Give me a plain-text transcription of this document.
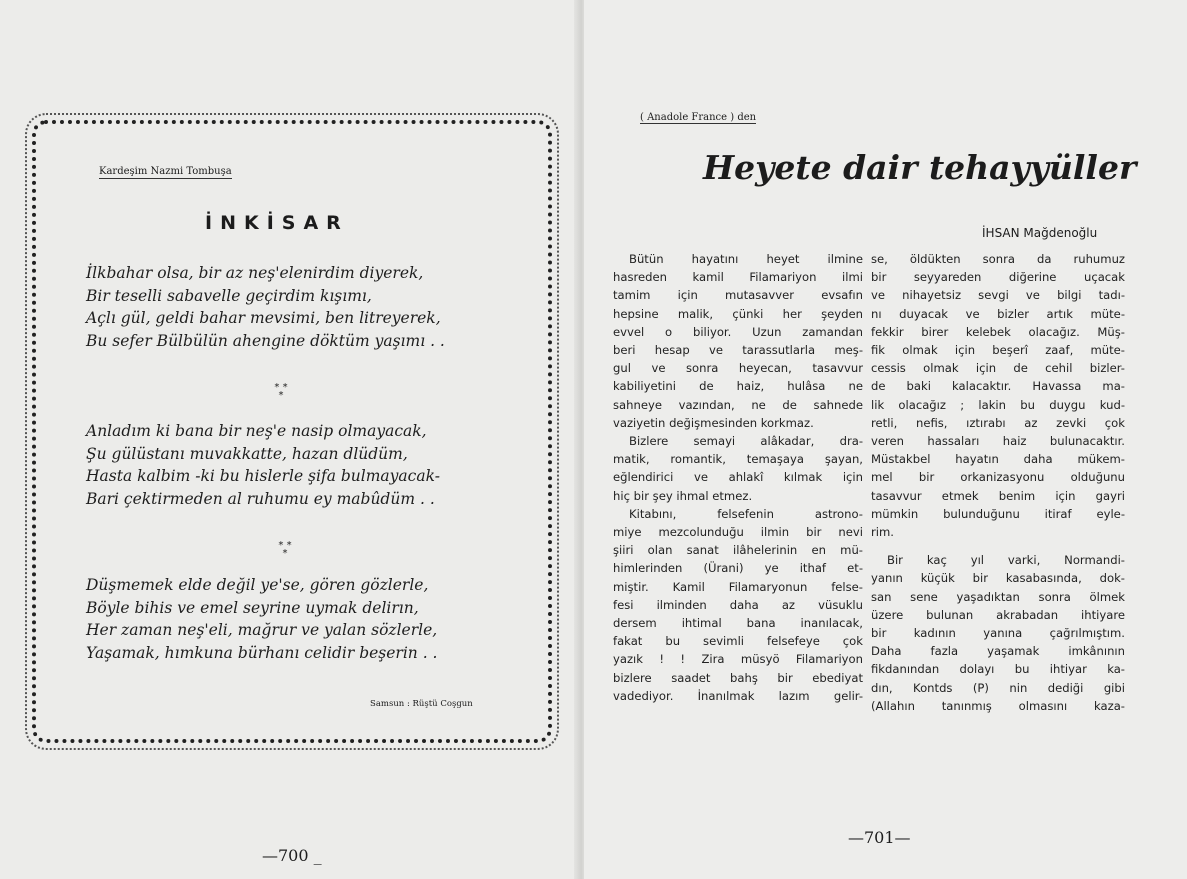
Kardeşim Nazmi Tombuşa
İNKİSAR
İlkbahar olsa, bir az neş'elenirdim diyerek,
Bir teselli sabavelle geçirdim kışımı,
Açlı gül, geldi bahar mevsimi, ben litreyerek,
Bu sefer Bülbülün ahengine döktüm yaşımı . .
* *
*
Anladım ki bana bir neş'e nasip olmayacak,
Şu gülüstanı muvakkatte, hazan dlüdüm,
Hasta kalbim -ki bu hislerle şifa bulmayacak-
Bari çektirmeden al ruhumu ey mabûdüm . .
* *
*
Düşmemek elde değil ye'se, gören gözlerle,
Böyle bihis ve emel seyrine uymak delirın,
Her zaman neş'eli, mağrur ve yalan sözlerle,
Yaşamak, hımkuna bürhanı celidir beşerin . .
Samsun : Rüştü Coşgun
—700 _
( Anadole France ) den
Heyete dair tehayyüller
İHSAN Mağdenoğlu
Bütün hayatını heyet ilmine
hasreden kamil Filamariyon ilmi
tamim için mutasavver evsafın
hepsine malik, çünki her şeyden
evvel o biliyor. Uzun zamandan
beri hesap ve tarassutlarla meş-
gul ve sonra heyecan, tasavvur
kabiliyetini de haiz, hulâsa ne
sahneye vazından, ne de sahnede
vaziyetin değişmesinden korkmaz.
Bizlere semayi alâkadar, dra-
matik, romantik, temaşaya şayan,
eğlendirici ve ahlakî kılmak için
hiç bir şey ihmal etmez.
Kitabını, felsefenin astrono-
miye mezcolunduğu ilmin bir nevi
şiiri olan sanat ilâhelerinin en mü-
himlerinden (Ürani) ye ithaf et-
miştir. Kamil Filamaryonun felse-
fesi ilminden daha az vüsuklu
dersem ihtimal bana inanılacak,
fakat bu sevimli felsefeye çok
yazık ! ! Zira müsyö Filamariyon
bizlere saadet bahş bir ebediyat
vadediyor. İnanılmak lazım gelir-
se, öldükten sonra da ruhumuz
bir seyyareden diğerine uçacak
ve nihayetsiz sevgi ve bilgi tadı-
nı duyacak ve bizler artık müte-
fekkir birer kelebek olacağız. Müş-
fik olmak için beşerî zaaf, müte-
cessis olmak için de cehil bizler-
de baki kalacaktır. Havassa ma-
lik olacağız ; lakin bu duygu kud-
retli, nefis, ıztırabı az zevki çok
veren hassaları haiz bulunacaktır.
Müstakbel hayatın daha mükem-
mel bir orkanizasyonu olduğunu
tasavvur etmek benim için gayri
mümkin bulunduğunu itiraf eyle-
rim.
Bir kaç yıl varki, Normandi-
yanın küçük bir kasabasında, dok-
san sene yaşadıktan sonra ölmek
üzere bulunan akrabadan ihtiyare
bir kadının yanına çağrılmıştım.
Daha fazla yaşamak imkânının
fikdanından dolayı bu ihtiyar ka-
dın, Kontds (P) nin dediği gibi
(Allahın tanınmış olmasını kaza-
—701—
